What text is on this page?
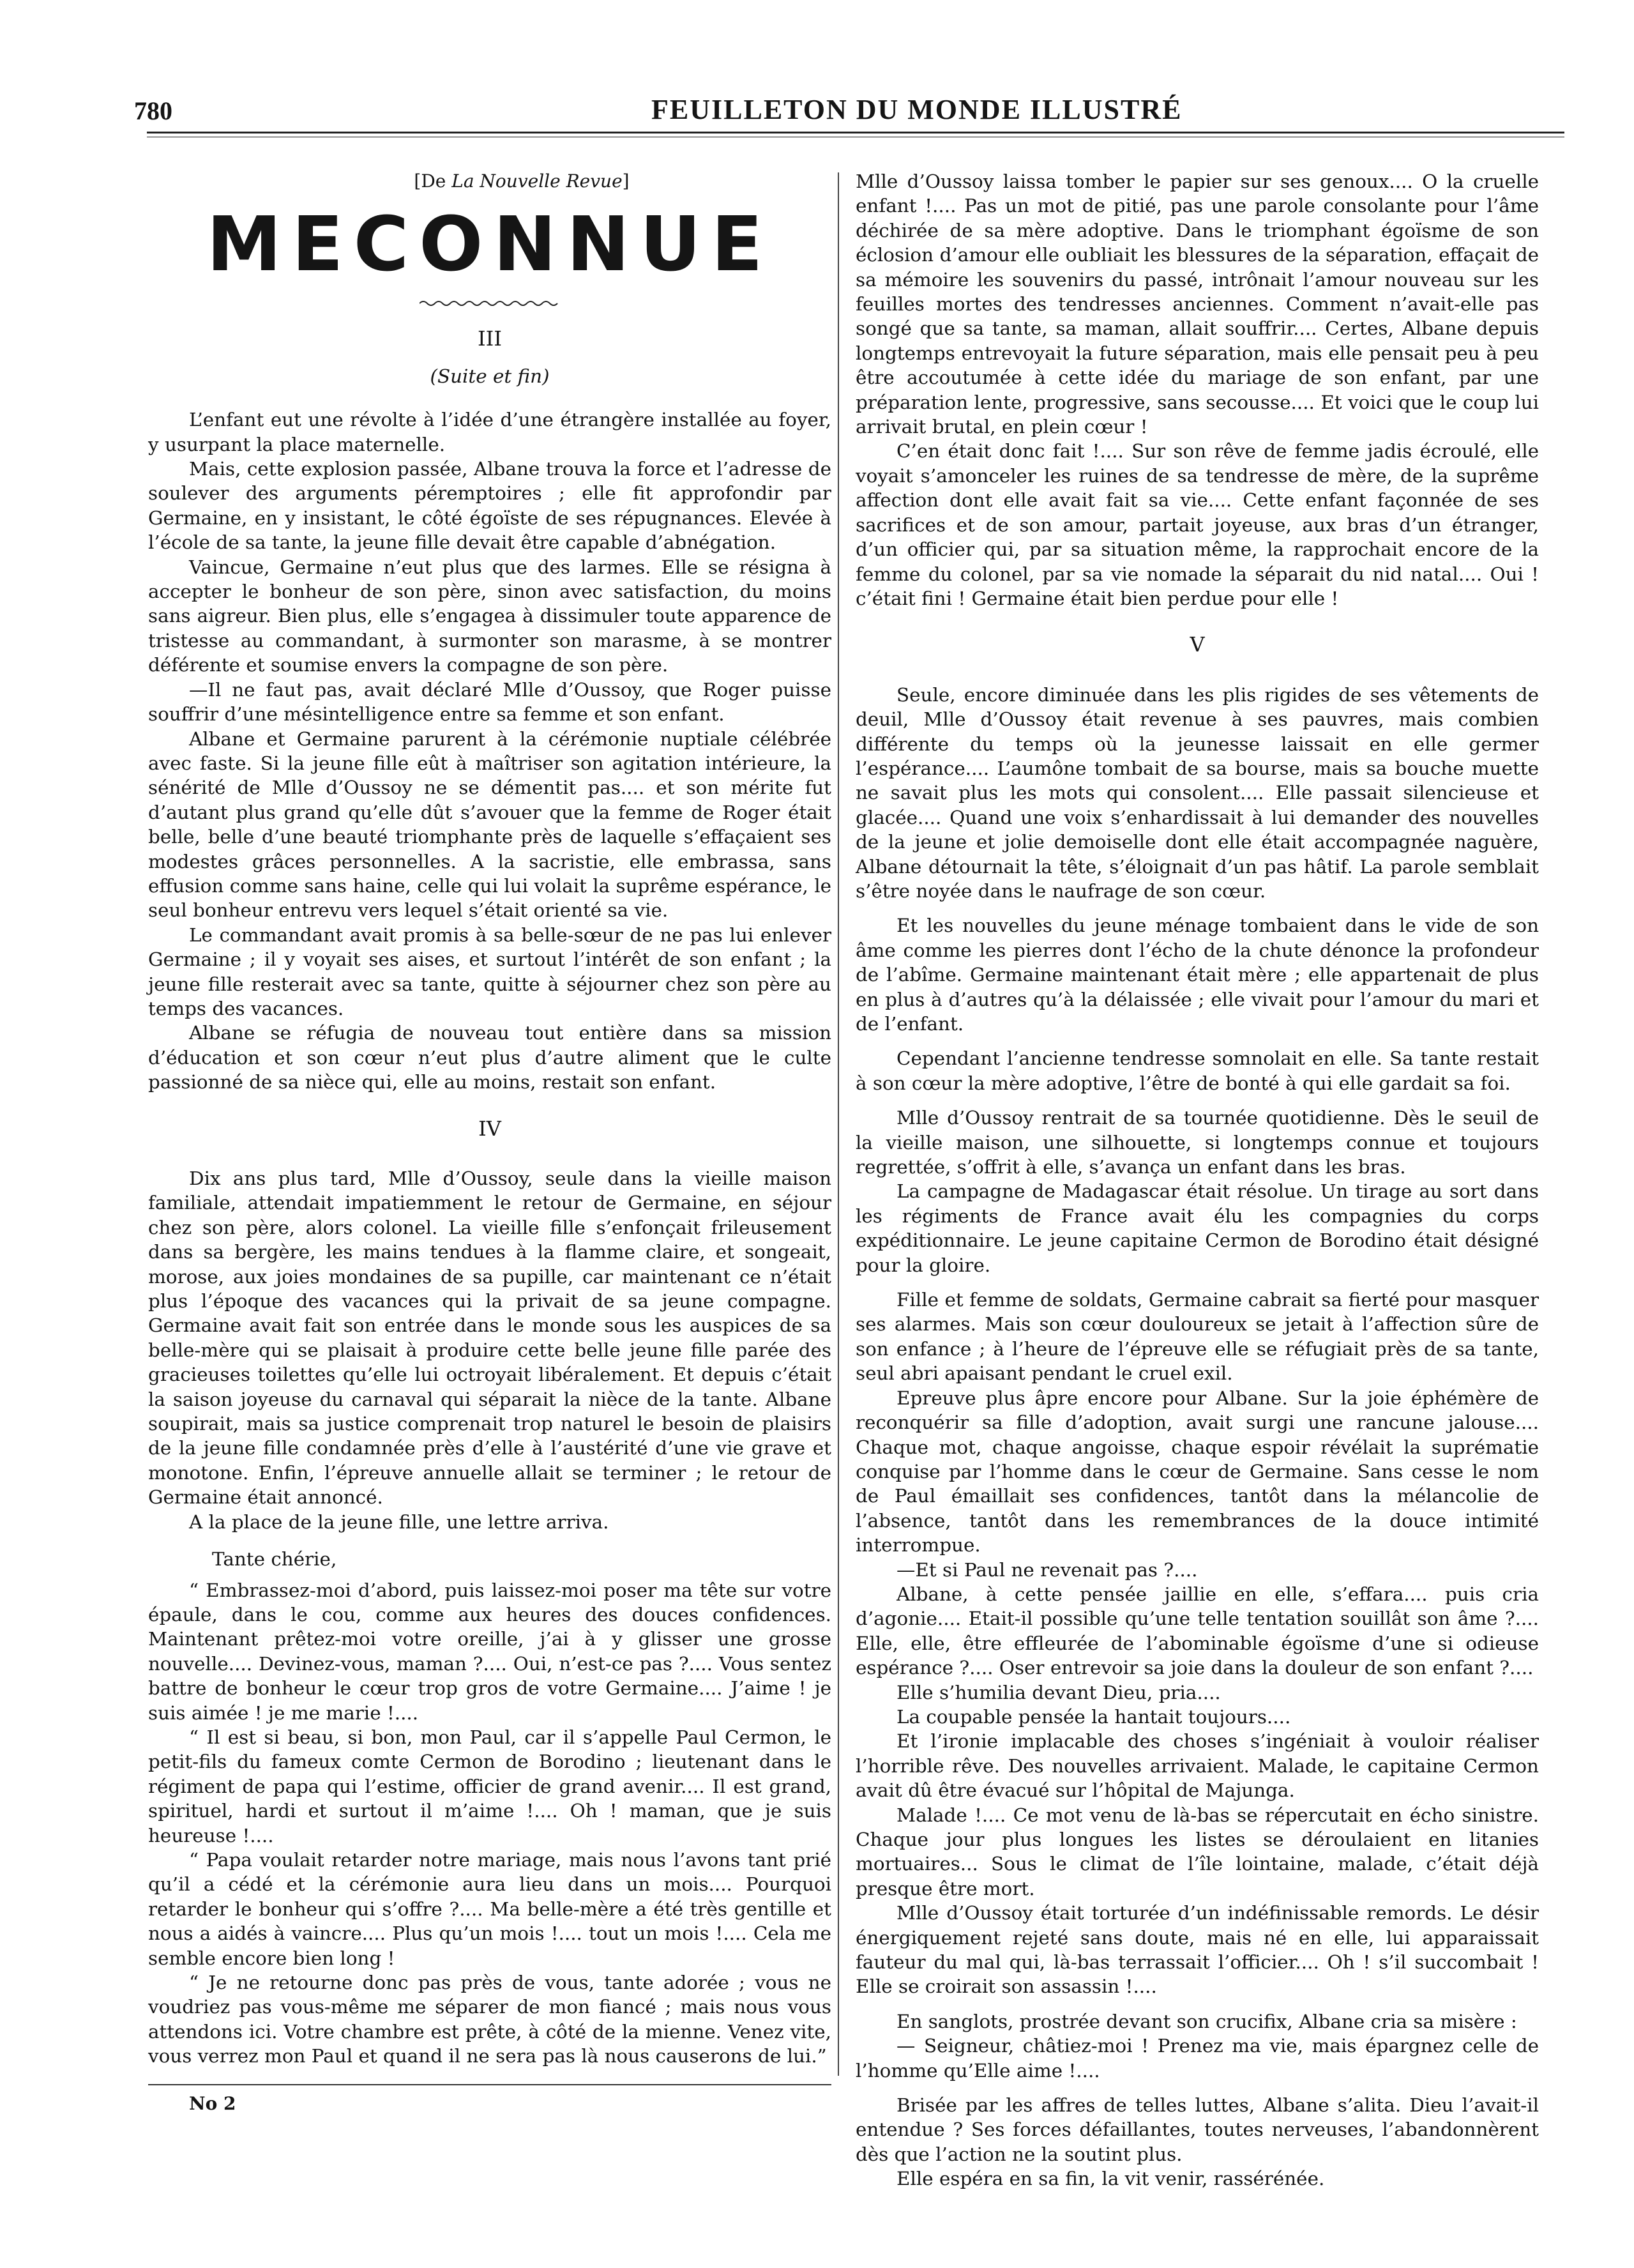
780	FEUILLETON DU MONDE ILLUSTRÉ

[De La Nouvelle Revue]

MECONNUE

III

(Suite et fin)

L’enfant eut une révolte à l’idée d’une étrangère installée au foyer, y usurpant la place maternelle.

Mais, cette explosion passée, Albane trouva la force et l’adresse de soulever des arguments péremptoires ; elle fit approfondir par Germaine, en y insistant, le côté égoïste de ses répugnances. Elevée à l’école de sa tante, la jeune fille devait être capable d’abnégation.

Vaincue, Germaine n’eut plus que des larmes. Elle se résigna à accepter le bonheur de son père, sinon avec satisfaction, du moins sans aigreur. Bien plus, elle s’engagea à dissimuler toute apparence de tristesse au commandant, à surmonter son marasme, à se montrer déférente et soumise envers la compagne de son père.

—Il ne faut pas, avait déclaré Mlle d’Oussoy, que Roger puisse souffrir d’une mésintelligence entre sa femme et son enfant.

Albane et Germaine parurent à la cérémonie nuptiale célébrée avec faste. Si la jeune fille eût à maîtriser son agitation intérieure, la sénérité de Mlle d’Oussoy ne se démentit pas.... et son mérite fut d’autant plus grand qu’elle dût s’avouer que la femme de Roger était belle, belle d’une beauté triomphante près de laquelle s’effaçaient ses modestes grâces personnelles. A la sacristie, elle embrassa, sans effusion comme sans haine, celle qui lui volait la suprême espérance, le seul bonheur entrevu vers lequel s’était orienté sa vie.

Le commandant avait promis à sa belle-sœur de ne pas lui enlever Germaine ; il y voyait ses aises, et surtout l’intérêt de son enfant ; la jeune fille resterait avec sa tante, quitte à séjourner chez son père au temps des vacances.

Albane se réfugia de nouveau tout entière dans sa mission d’éducation et son cœur n’eut plus d’autre aliment que le culte passionné de sa nièce qui, elle au moins, restait son enfant.

IV

Dix ans plus tard, Mlle d’Oussoy, seule dans la vieille maison familiale, attendait impatiemment le retour de Germaine, en séjour chez son père, alors colonel. La vieille fille s’enfonçait frileusement dans sa bergère, les mains tendues à la flamme claire, et songeait, morose, aux joies mondaines de sa pupille, car maintenant ce n’était plus l’époque des vacances qui la privait de sa jeune compagne. Germaine avait fait son entrée dans le monde sous les auspices de sa belle-mère qui se plaisait à produire cette belle jeune fille parée des gracieuses toilettes qu’elle lui octroyait libéralement. Et depuis c’était la saison joyeuse du carnaval qui séparait la nièce de la tante. Albane soupirait, mais sa justice comprenait trop naturel le besoin de plaisirs de la jeune fille condamnée près d’elle à l’austérité d’une vie grave et monotone. Enfin, l’épreuve annuelle allait se terminer ; le retour de Germaine était annoncé.

A la place de la jeune fille, une lettre arriva.

Tante chérie,

“ Embrassez-moi d’abord, puis laissez-moi poser ma tête sur votre épaule, dans le cou, comme aux heures des douces confidences. Maintenant prêtez-moi votre oreille, j’ai à y glisser une grosse nouvelle.... Devinez-vous, maman ?.... Oui, n’est-ce pas ?.... Vous sentez battre de bonheur le cœur trop gros de votre Germaine.... J’aime ! je suis aimée ! je me marie !....

“ Il est si beau, si bon, mon Paul, car il s’appelle Paul Cermon, le petit-fils du fameux comte Cermon de Borodino ; lieutenant dans le régiment de papa qui l’estime, officier de grand avenir.... Il est grand, spirituel, hardi et surtout il m’aime !.... Oh ! maman, que je suis heureuse !....

“ Papa voulait retarder notre mariage, mais nous l’avons tant prié qu’il a cédé et la cérémonie aura lieu dans un mois.... Pourquoi retarder le bonheur qui s’offre ?.... Ma belle-mère a été très gentille et nous a aidés à vaincre.... Plus qu’un mois !.... tout un mois !.... Cela me semble encore bien long !

“ Je ne retourne donc pas près de vous, tante adorée ; vous ne voudriez pas vous-même me séparer de mon fiancé ; mais nous vous attendons ici. Votre chambre est prête, à côté de la mienne. Venez vite, vous verrez mon Paul et quand il ne sera pas là nous causerons de lui.”

No 2

Mlle d’Oussoy laissa tomber le papier sur ses genoux.... O la cruelle enfant !.... Pas un mot de pitié, pas une parole consolante pour l’âme déchirée de sa mère adoptive. Dans le triomphant égoïsme de son éclosion d’amour elle oubliait les blessures de la séparation, effaçait de sa mémoire les souvenirs du passé, intrônait l’amour nouveau sur les feuilles mortes des tendresses anciennes. Comment n’avait-elle pas songé que sa tante, sa maman, allait souffrir.... Certes, Albane depuis longtemps entrevoyait la future séparation, mais elle pensait peu à peu être accoutumée à cette idée du mariage de son enfant, par une préparation lente, progressive, sans secousse.... Et voici que le coup lui arrivait brutal, en plein cœur !

C’en était donc fait !.... Sur son rêve de femme jadis écroulé, elle voyait s’amonceler les ruines de sa tendresse de mère, de la suprême affection dont elle avait fait sa vie.... Cette enfant façonnée de ses sacrifices et de son amour, partait joyeuse, aux bras d’un étranger, d’un officier qui, par sa situation même, la rapprochait encore de la femme du colonel, par sa vie nomade la séparait du nid natal.... Oui ! c’était fini ! Germaine était bien perdue pour elle !

V

Seule, encore diminuée dans les plis rigides de ses vêtements de deuil, Mlle d’Oussoy était revenue à ses pauvres, mais combien différente du temps où la jeunesse laissait en elle germer l’espérance.... L’aumône tombait de sa bourse, mais sa bouche muette ne savait plus les mots qui consolent.... Elle passait silencieuse et glacée.... Quand une voix s’enhardissait à lui demander des nouvelles de la jeune et jolie demoiselle dont elle était accompagnée naguère, Albane détournait la tête, s’éloignait d’un pas hâtif. La parole semblait s’être noyée dans le naufrage de son cœur.

Et les nouvelles du jeune ménage tombaient dans le vide de son âme comme les pierres dont l’écho de la chute dénonce la profondeur de l’abîme. Germaine maintenant était mère ; elle appartenait de plus en plus à d’autres qu’à la délaissée ; elle vivait pour l’amour du mari et de l’enfant.

Cependant l’ancienne tendresse somnolait en elle. Sa tante restait à son cœur la mère adoptive, l’être de bonté à qui elle gardait sa foi.

Mlle d’Oussoy rentrait de sa tournée quotidienne. Dès le seuil de la vieille maison, une silhouette, si longtemps connue et toujours regrettée, s’offrit à elle, s’avança un enfant dans les bras.

La campagne de Madagascar était résolue. Un tirage au sort dans les régiments de France avait élu les compagnies du corps expéditionnaire. Le jeune capitaine Cermon de Borodino était désigné pour la gloire.

Fille et femme de soldats, Germaine cabrait sa fierté pour masquer ses alarmes. Mais son cœur douloureux se jetait à l’affection sûre de son enfance ; à l’heure de l’épreuve elle se réfugiait près de sa tante, seul abri apaisant pendant le cruel exil.

Epreuve plus âpre encore pour Albane. Sur la joie éphémère de reconquérir sa fille d’adoption, avait surgi une rancune jalouse.... Chaque mot, chaque angoisse, chaque espoir révélait la suprématie conquise par l’homme dans le cœur de Germaine. Sans cesse le nom de Paul émaillait ses confidences, tantôt dans la mélancolie de l’absence, tantôt dans les remembrances de la douce intimité interrompue.

—Et si Paul ne revenait pas ?....

Albane, à cette pensée jaillie en elle, s’effara.... puis cria d’agonie.... Etait-il possible qu’une telle tentation souillât son âme ?.... Elle, elle, être effleurée de l’abominable égoïsme d’une si odieuse espérance ?.... Oser entrevoir sa joie dans la douleur de son enfant ?....

Elle s’humilia devant Dieu, pria....

La coupable pensée la hantait toujours....

Et l’ironie implacable des choses s’ingéniait à vouloir réaliser l’horrible rêve. Des nouvelles arrivaient. Malade, le capitaine Cermon avait dû être évacué sur l’hôpital de Majunga.

Malade !.... Ce mot venu de là-bas se répercutait en écho sinistre. Chaque jour plus longues les listes se déroulaient en litanies mortuaires... Sous le climat de l’île lointaine, malade, c’était déjà presque être mort.

Mlle d’Oussoy était torturée d’un indéfinissable remords. Le désir énergiquement rejeté sans doute, mais né en elle, lui apparaissait fauteur du mal qui, là-bas terrassait l’officier.... Oh ! s’il succombait ! Elle se croirait son assassin !....

En sanglots, prostrée devant son crucifix, Albane cria sa misère :

— Seigneur, châtiez-moi ! Prenez ma vie, mais épargnez celle de l’homme qu’Elle aime !....

Brisée par les affres de telles luttes, Albane s’alita. Dieu l’avait-il entendue ? Ses forces défaillantes, toutes nerveuses, l’abandonnèrent dès que l’action ne la soutint plus.

Elle espéra en sa fin, la vit venir, rassérénée.
